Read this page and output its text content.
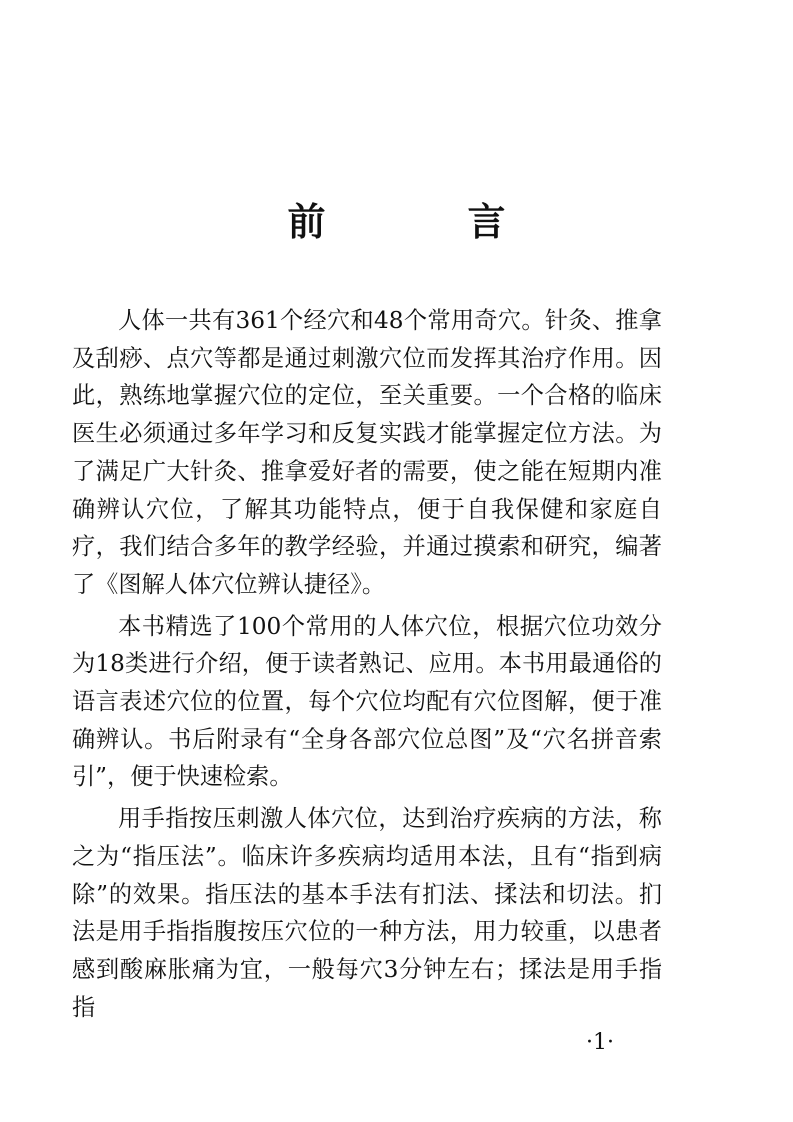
前　言

人体一共有361个经穴和48个常用奇穴。针灸、推拿及刮痧、点穴等都是通过刺激穴位而发挥其治疗作用。因此，熟练地掌握穴位的定位，至关重要。一个合格的临床医生必须通过多年学习和反复实践才能掌握定位方法。为了满足广大针灸、推拿爱好者的需要，使之能在短期内准确辨认穴位，了解其功能特点，便于自我保健和家庭自疗，我们结合多年的教学经验，并通过摸索和研究，编著了《图解人体穴位辨认捷径》。

本书精选了100个常用的人体穴位，根据穴位功效分为18类进行介绍，便于读者熟记、应用。本书用最通俗的语言表述穴位的位置，每个穴位均配有穴位图解，便于准确辨认。书后附录有“全身各部穴位总图”及“穴名拼音索引”，便于快速检索。

用手指按压刺激人体穴位，达到治疗疾病的方法，称之为“指压法”。临床许多疾病均适用本法，且有“指到病除”的效果。指压法的基本手法有扪法、揉法和切法。扪法是用手指指腹按压穴位的一种方法，用力较重，以患者感到酸麻胀痛为宜，一般每穴3分钟左右；揉法是用手指指

·1·
